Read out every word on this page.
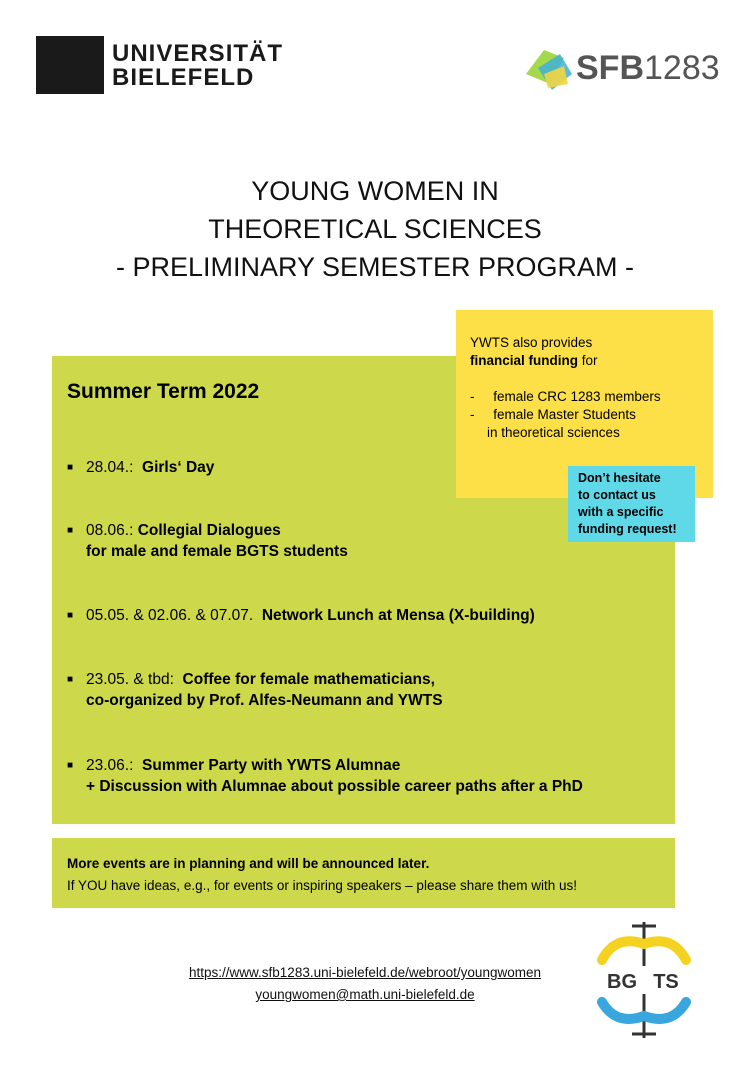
UNIVERSITÄT
BIELEFELD	SFB1283
YOUNG WOMEN IN
THEORETICAL SCIENCES
- PRELIMINARY SEMESTER PROGRAM -
Summer Term 2022
■ 28.04.: Girls‘ Day
■ 08.06.: Collegial Dialogues
for male and female BGTS students
■ 05.05. & 02.06. & 07.07. Network Lunch at Mensa (X-building)
■ 23.05. & tbd: Coffee for female mathematicians,
co-organized by Prof. Alfes-Neumann and YWTS
■ 23.06.: Summer Party with YWTS Alumnae
+ Discussion with Alumnae about possible career paths after a PhD
YWTS also provides
financial funding for
- female CRC 1283 members
- female Master Students
in theoretical sciences
Don’t hesitate
to contact us
with a specific
funding request!
More events are in planning and will be announced later.
If YOU have ideas, e.g., for events or inspiring speakers – please share them with us!
https://www.sfb1283.uni-bielefeld.de/webroot/youngwomen
youngwomen@math.uni-bielefeld.de
BG TS
